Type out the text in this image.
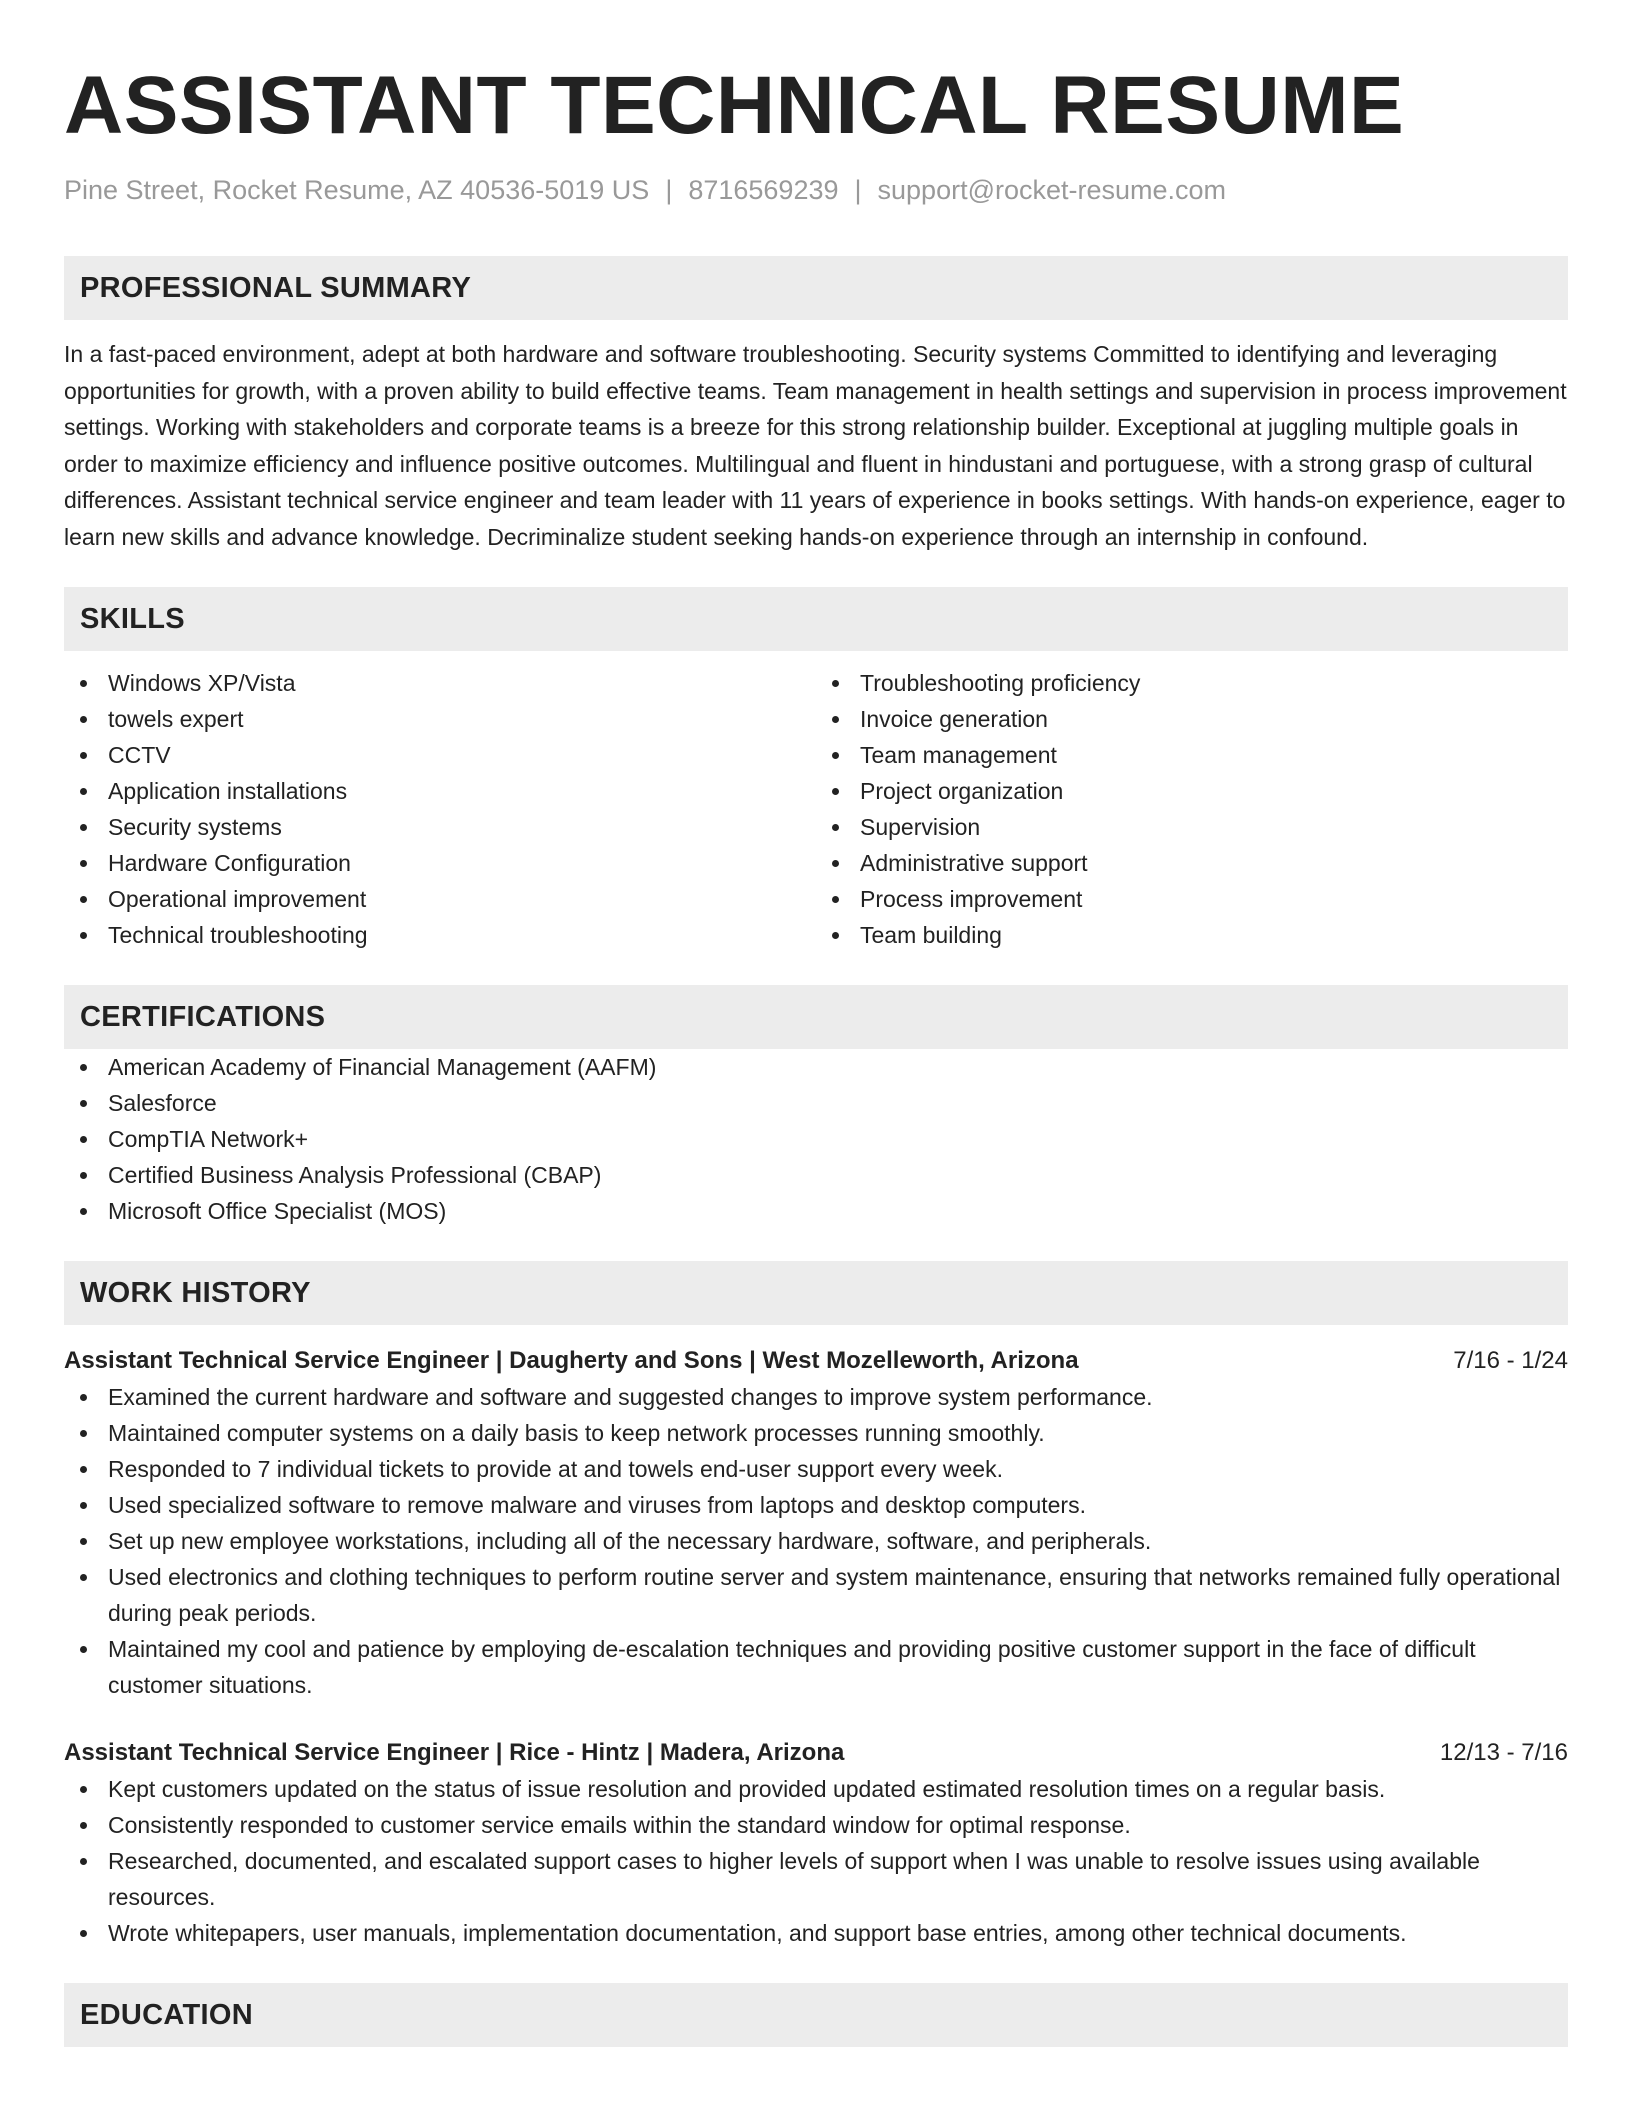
ASSISTANT TECHNICAL RESUME
Pine Street, Rocket Resume, AZ 40536-5019 US | 8716569239 | support@rocket-resume.com
PROFESSIONAL SUMMARY

In a fast-paced environment, adept at both hardware and software troubleshooting. Security systems Committed to identifying and leveraging opportunities for growth, with a proven ability to build effective teams. Team management in health settings and supervision in process improvement settings. Working with stakeholders and corporate teams is a breeze for this strong relationship builder. Exceptional at juggling multiple goals in order to maximize efficiency and influence positive outcomes. Multilingual and fluent in hindustani and portuguese, with a strong grasp of cultural differences. Assistant technical service engineer and team leader with 11 years of experience in books settings. With hands-on experience, eager to learn new skills and advance knowledge. Decriminalize student seeking hands-on experience through an internship in confound.

SKILLS
Windows XP/Vista
towels expert
CCTV
Application installations
Security systems
Hardware Configuration
Operational improvement
Technical troubleshooting
Troubleshooting proficiency
Invoice generation
Team management
Project organization
Supervision
Administrative support
Process improvement
Team building
CERTIFICATIONS
American Academy of Financial Management (AAFM)
Salesforce
CompTIA Network+
Certified Business Analysis Professional (CBAP)
Microsoft Office Specialist (MOS)
WORK HISTORY
Assistant Technical Service Engineer | Daugherty and Sons | West Mozelleworth, Arizona	7/16 - 1/24
Examined the current hardware and software and suggested changes to improve system performance.
Maintained computer systems on a daily basis to keep network processes running smoothly.
Responded to 7 individual tickets to provide at and towels end-user support every week.
Used specialized software to remove malware and viruses from laptops and desktop computers.
Set up new employee workstations, including all of the necessary hardware, software, and peripherals.
Used electronics and clothing techniques to perform routine server and system maintenance, ensuring that networks remained fully operational during peak periods.
Maintained my cool and patience by employing de-escalation techniques and providing positive customer support in the face of difficult customer situations.
Assistant Technical Service Engineer | Rice - Hintz | Madera, Arizona	12/13 - 7/16
Kept customers updated on the status of issue resolution and provided updated estimated resolution times on a regular basis.
Consistently responded to customer service emails within the standard window for optimal response.
Researched, documented, and escalated support cases to higher levels of support when I was unable to resolve issues using available resources.
Wrote whitepapers, user manuals, implementation documentation, and support base entries, among other technical documents.
EDUCATION
